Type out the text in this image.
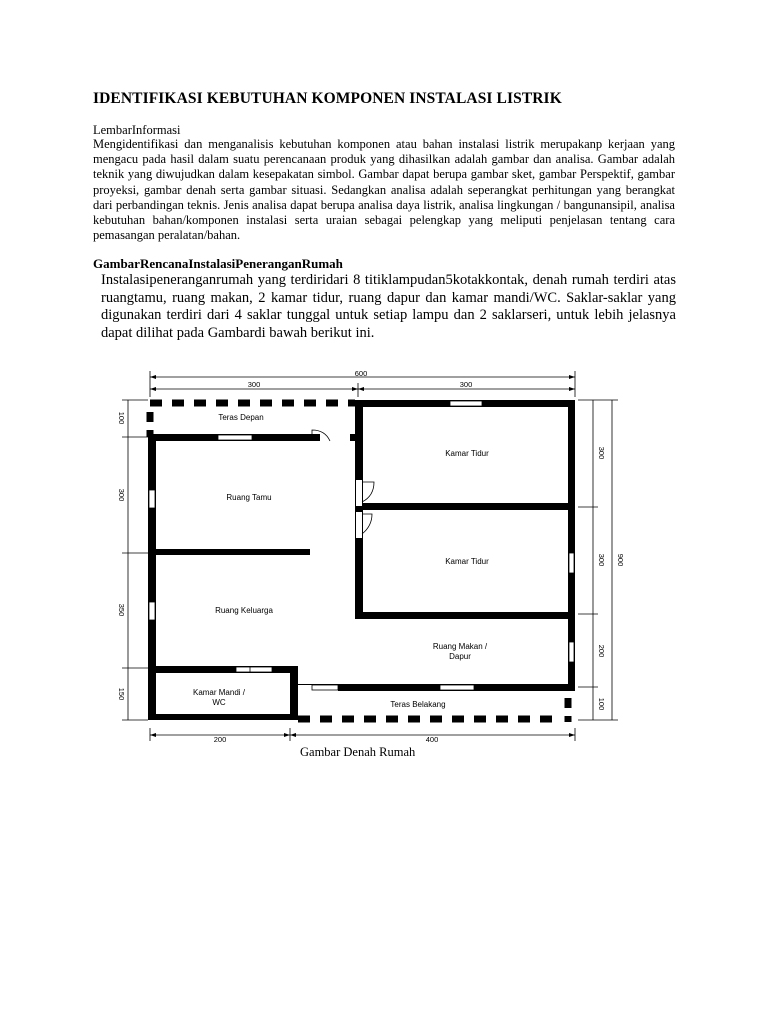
IDENTIFIKASI KEBUTUHAN KOMPONEN INSTALASI LISTRIK
LembarInformasi
Mengidentifikasi dan menganalisis kebutuhan komponen atau bahan instalasi listrik merupakanp kerjaan yang mengacu pada hasil dalam suatu perencanaan produk yang dihasilkan adalah gambar dan analisa. Gambar adalah teknik yang diwujudkan dalam kesepakatan simbol. Gambar dapat berupa gambar sket, gambar Perspektif, gambar proyeksi, gambar denah serta gambar situasi. Sedangkan analisa adalah seperangkat perhitungan yang berangkat dari perbandingan teknis. Jenis analisa dapat berupa analisa daya listrik, analisa lingkungan / bangunansipil, analisa kebutuhan bahan/komponen instalasi serta uraian sebagai pelengkap yang meliputi penjelasan tentang cara pemasangan peralatan/bahan.
GambarRencanaInstalasiPeneranganRumah
Instalasipeneranganrumah yang terdiridari 8 titiklampudan5kotakkontak, denah rumah terdiri atas ruangtamu, ruang makan, 2 kamar tidur, ruang dapur dan kamar mandi/WC. Saklar-saklar yang digunakan terdiri dari 4 saklar tunggal untuk setiap lampu dan 2 saklarseri, untuk lebih jelasnya dapat dilihat pada Gambardi bawah berikut ini.
600
300	300
100
300
350
150
300
300
200
100
900
200	400
Teras Depan
Kamar Tidur
Ruang Tamu
Kamar Tidur
Ruang Keluarga
Ruang Makan /
Dapur
Kamar Mandi /
WC	Teras Belakang
Gambar Denah Rumah
